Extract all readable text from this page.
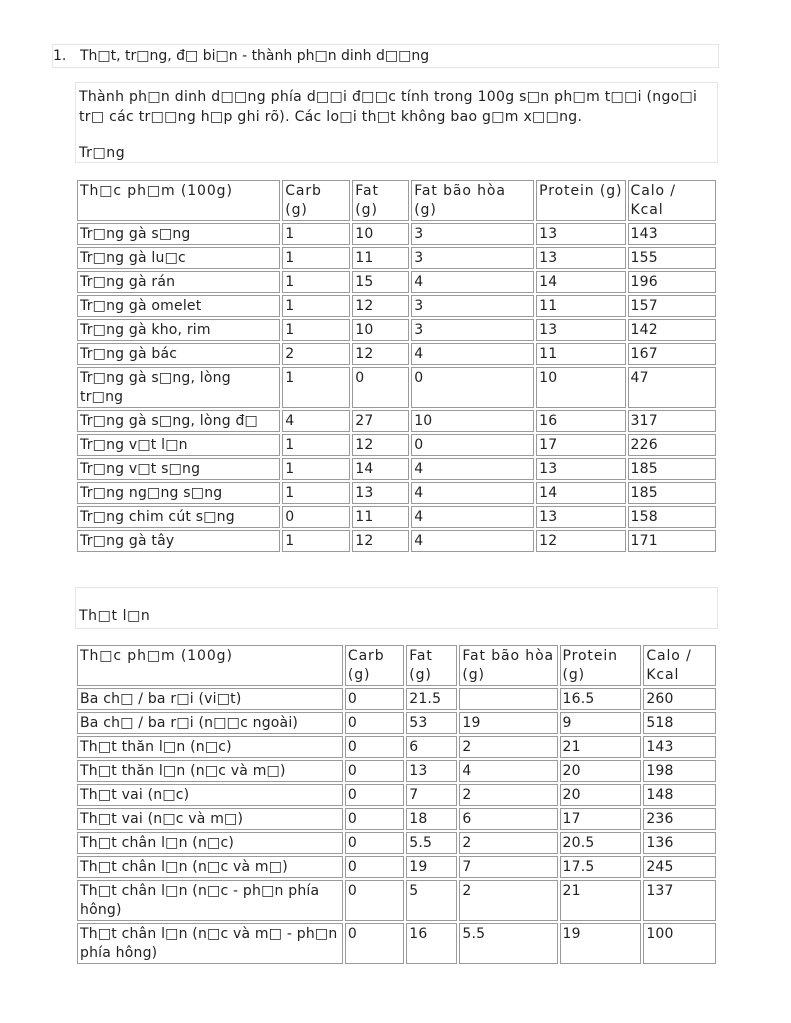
1. Th□t, tr□ng, đ□ bi□n - thành ph□n dinh d□□ng
Thành ph□n dinh d□□ng phía d□□i đ□□c tính trong 100g s□n ph□m t□□i (ngo□i
tr□ các tr□□ng h□p ghi rõ). Các lo□i th□t không bao g□m x□□ng.
Tr□ng
Th□c ph□m (100g)	Carb (g)	Fat (g)	Fat bão hòa (g)	Protein (g)	Calo / Kcal
Tr□ng gà s□ng	1	10	3	13	143
Tr□ng gà lu□c	1	11	3	13	155
Tr□ng gà rán	1	15	4	14	196
Tr□ng gà omelet	1	12	3	11	157
Tr□ng gà kho, rim	1	10	3	13	142
Tr□ng gà bác	2	12	4	11	167
Tr□ng gà s□ng, lòng tr□ng	1	0	0	10	47
Tr□ng gà s□ng, lòng đ□	4	27	10	16	317
Tr□ng v□t l□n	1	12	0	17	226
Tr□ng v□t s□ng	1	14	4	13	185
Tr□ng ng□ng s□ng	1	13	4	14	185
Tr□ng chim cút s□ng	0	11	4	13	158
Tr□ng gà tây	1	12	4	12	171
Th□t l□n
Th□c ph□m (100g)	Carb (g)	Fat (g)	Fat bão hòa (g)	Protein (g)	Calo / Kcal
Ba ch□ / ba r□i (vi□t)	0	21.5		16.5	260
Ba ch□ / ba r□i (n□□c ngoài)	0	53	19	9	518
Th□t thăn l□n (n□c)	0	6	2	21	143
Th□t thăn l□n (n□c và m□)	0	13	4	20	198
Th□t vai (n□c)	0	7	2	20	148
Th□t vai (n□c và m□)	0	18	6	17	236
Th□t chân l□n (n□c)	0	5.5	2	20.5	136
Th□t chân l□n (n□c và m□)	0	19	7	17.5	245
Th□t chân l□n (n□c - ph□n phía hông)	0	5	2	21	137
Th□t chân l□n (n□c và m□ - ph□n phía hông)	0	16	5.5	19	100
